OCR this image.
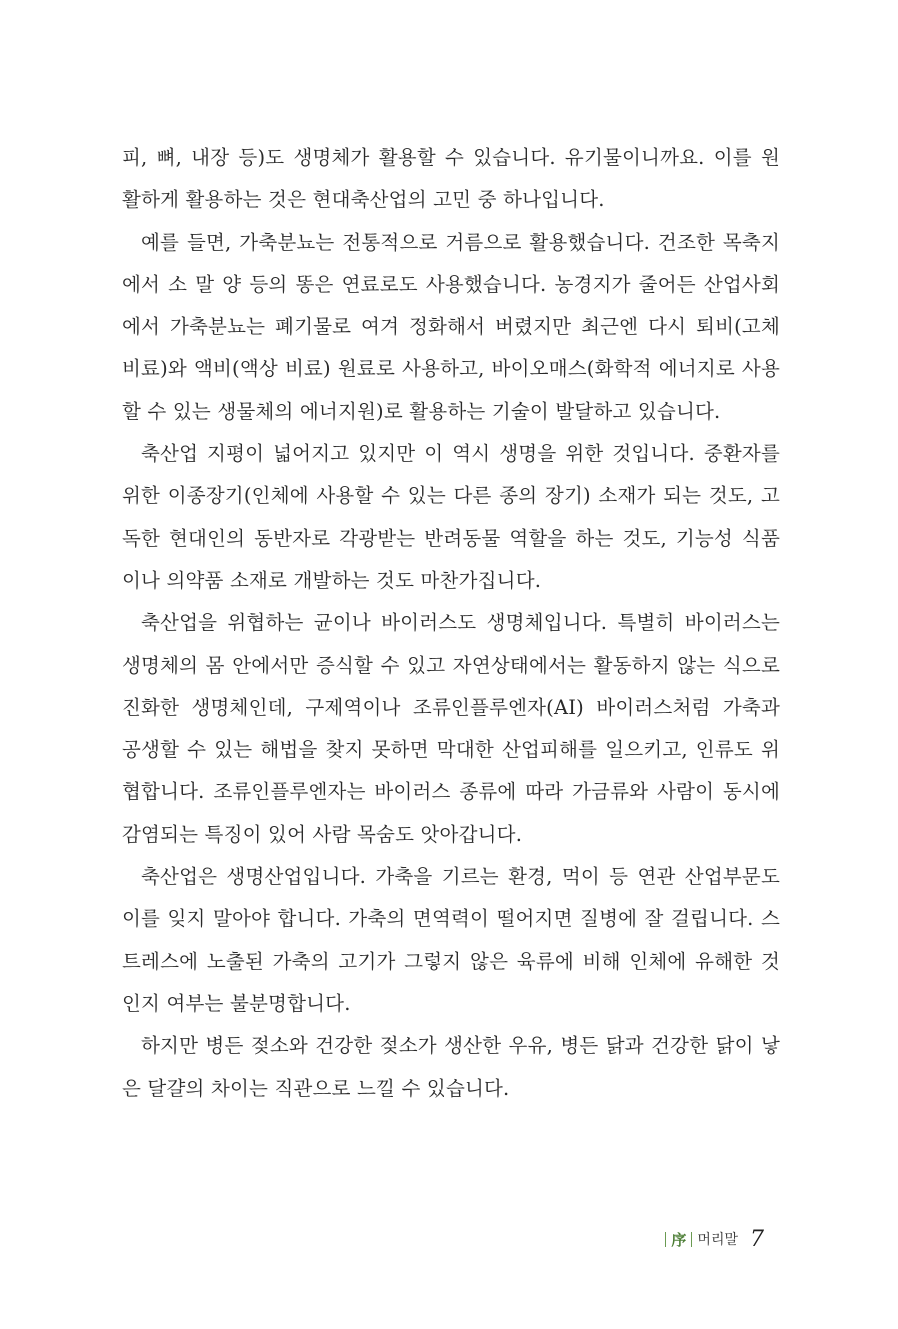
피, 뼈, 내장 등)도 생명체가 활용할 수 있습니다. 유기물이니까요. 이를 원
활하게 활용하는 것은 현대축산업의 고민 중 하나입니다.
예를 들면, 가축분뇨는 전통적으로 거름으로 활용했습니다. 건조한 목축지
에서 소 말 양 등의 똥은 연료로도 사용했습니다. 농경지가 줄어든 산업사회
에서 가축분뇨는 폐기물로 여겨 정화해서 버렸지만 최근엔 다시 퇴비(고체
비료)와 액비(액상 비료) 원료로 사용하고, 바이오매스(화학적 에너지로 사용
할 수 있는 생물체의 에너지원)로 활용하는 기술이 발달하고 있습니다.
축산업 지평이 넓어지고 있지만 이 역시 생명을 위한 것입니다. 중환자를
위한 이종장기(인체에 사용할 수 있는 다른 종의 장기) 소재가 되는 것도, 고
독한 현대인의 동반자로 각광받는 반려동물 역할을 하는 것도, 기능성 식품
이나 의약품 소재로 개발하는 것도 마찬가집니다.
축산업을 위협하는 균이나 바이러스도 생명체입니다. 특별히 바이러스는
생명체의 몸 안에서만 증식할 수 있고 자연상태에서는 활동하지 않는 식으로
진화한 생명체인데, 구제역이나 조류인플루엔자(AI) 바이러스처럼 가축과
공생할 수 있는 해법을 찾지 못하면 막대한 산업피해를 일으키고, 인류도 위
협합니다. 조류인플루엔자는 바이러스 종류에 따라 가금류와 사람이 동시에
감염되는 특징이 있어 사람 목숨도 앗아갑니다.
축산업은 생명산업입니다. 가축을 기르는 환경, 먹이 등 연관 산업부문도
이를 잊지 말아야 합니다. 가축의 면역력이 떨어지면 질병에 잘 걸립니다. 스
트레스에 노출된 가축의 고기가 그렇지 않은 육류에 비해 인체에 유해한 것
인지 여부는 불분명합니다.
하지만 병든 젖소와 건강한 젖소가 생산한 우유, 병든 닭과 건강한 닭이 낳
은 달걀의 차이는 직관으로 느낄 수 있습니다.
序 머리말 7
